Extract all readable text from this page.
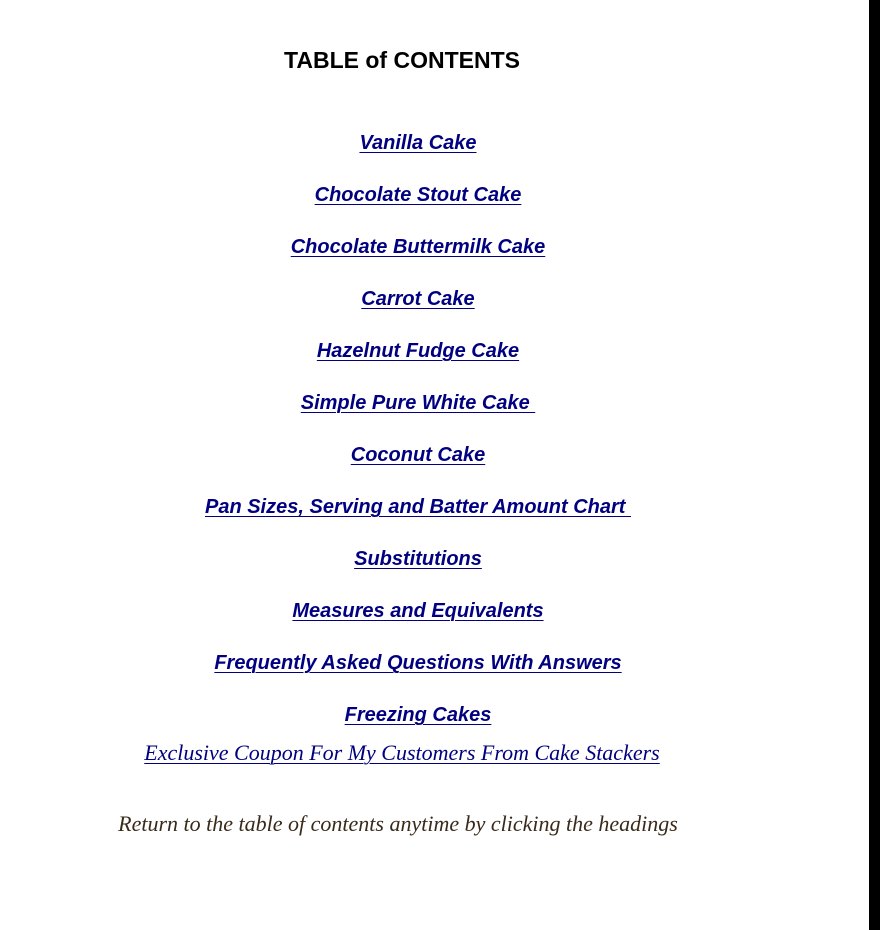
TABLE of CONTENTS

Vanilla Cake

Chocolate Stout Cake

Chocolate Buttermilk Cake

Carrot Cake

Hazelnut Fudge Cake

Simple Pure White Cake

Coconut Cake

Pan Sizes, Serving and Batter Amount Chart

Substitutions

Measures and Equivalents

Frequently Asked Questions With Answers

Freezing Cakes

Exclusive Coupon For My Customers From Cake Stackers

Return to the table of contents anytime by clicking the headings
